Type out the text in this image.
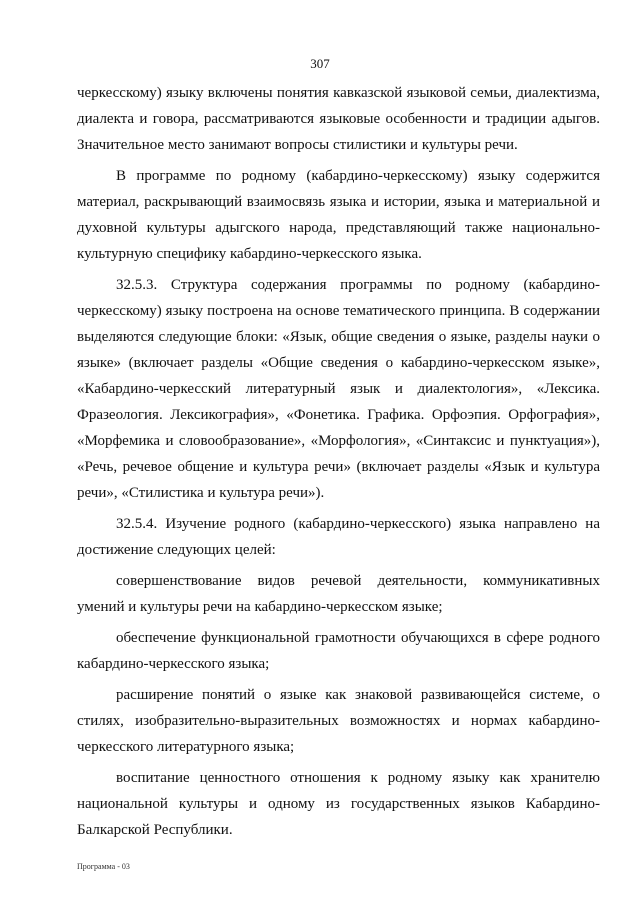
307

черкесскому) языку включены понятия кавказской языковой семьи, диалектизма, диалекта и говора, рассматриваются языковые особенности и традиции адыгов. Значительное место занимают вопросы стилистики и культуры речи.

В программе по родному (кабардино-черкесскому) языку содержится материал, раскрывающий взаимосвязь языка и истории, языка и материальной и духовной культуры адыгского народа, представляющий также национально-культурную специфику кабардино-черкесского языка.

32.5.3. Структура содержания программы по родному (кабардино-черкесскому) языку построена на основе тематического принципа. В содержании выделяются следующие блоки: «Язык, общие сведения о языке, разделы науки о языке» (включает разделы «Общие сведения о кабардино-черкесском языке», «Кабардино-черкесский литературный язык и диалектология», «Лексика. Фразеология. Лексикография», «Фонетика. Графика. Орфоэпия. Орфография», «Морфемика и словообразование», «Морфология», «Синтаксис и пунктуация»), «Речь, речевое общение и культура речи» (включает разделы «Язык и культура речи», «Стилистика и культура речи»).

32.5.4. Изучение родного (кабардино-черкесского) языка направлено на достижение следующих целей:

совершенствование видов речевой деятельности, коммуникативных умений и культуры речи на кабардино-черкесском языке;

обеспечение функциональной грамотности обучающихся в сфере родного кабардино-черкесского языка;

расширение понятий о языке как знаковой развивающейся системе, о стилях, изобразительно-выразительных возможностях и нормах кабардино-черкесского литературного языка;

воспитание ценностного отношения к родному языку как хранителю национальной культуры и одному из государственных языков Кабардино-Балкарской Республики.

Программа - 03
